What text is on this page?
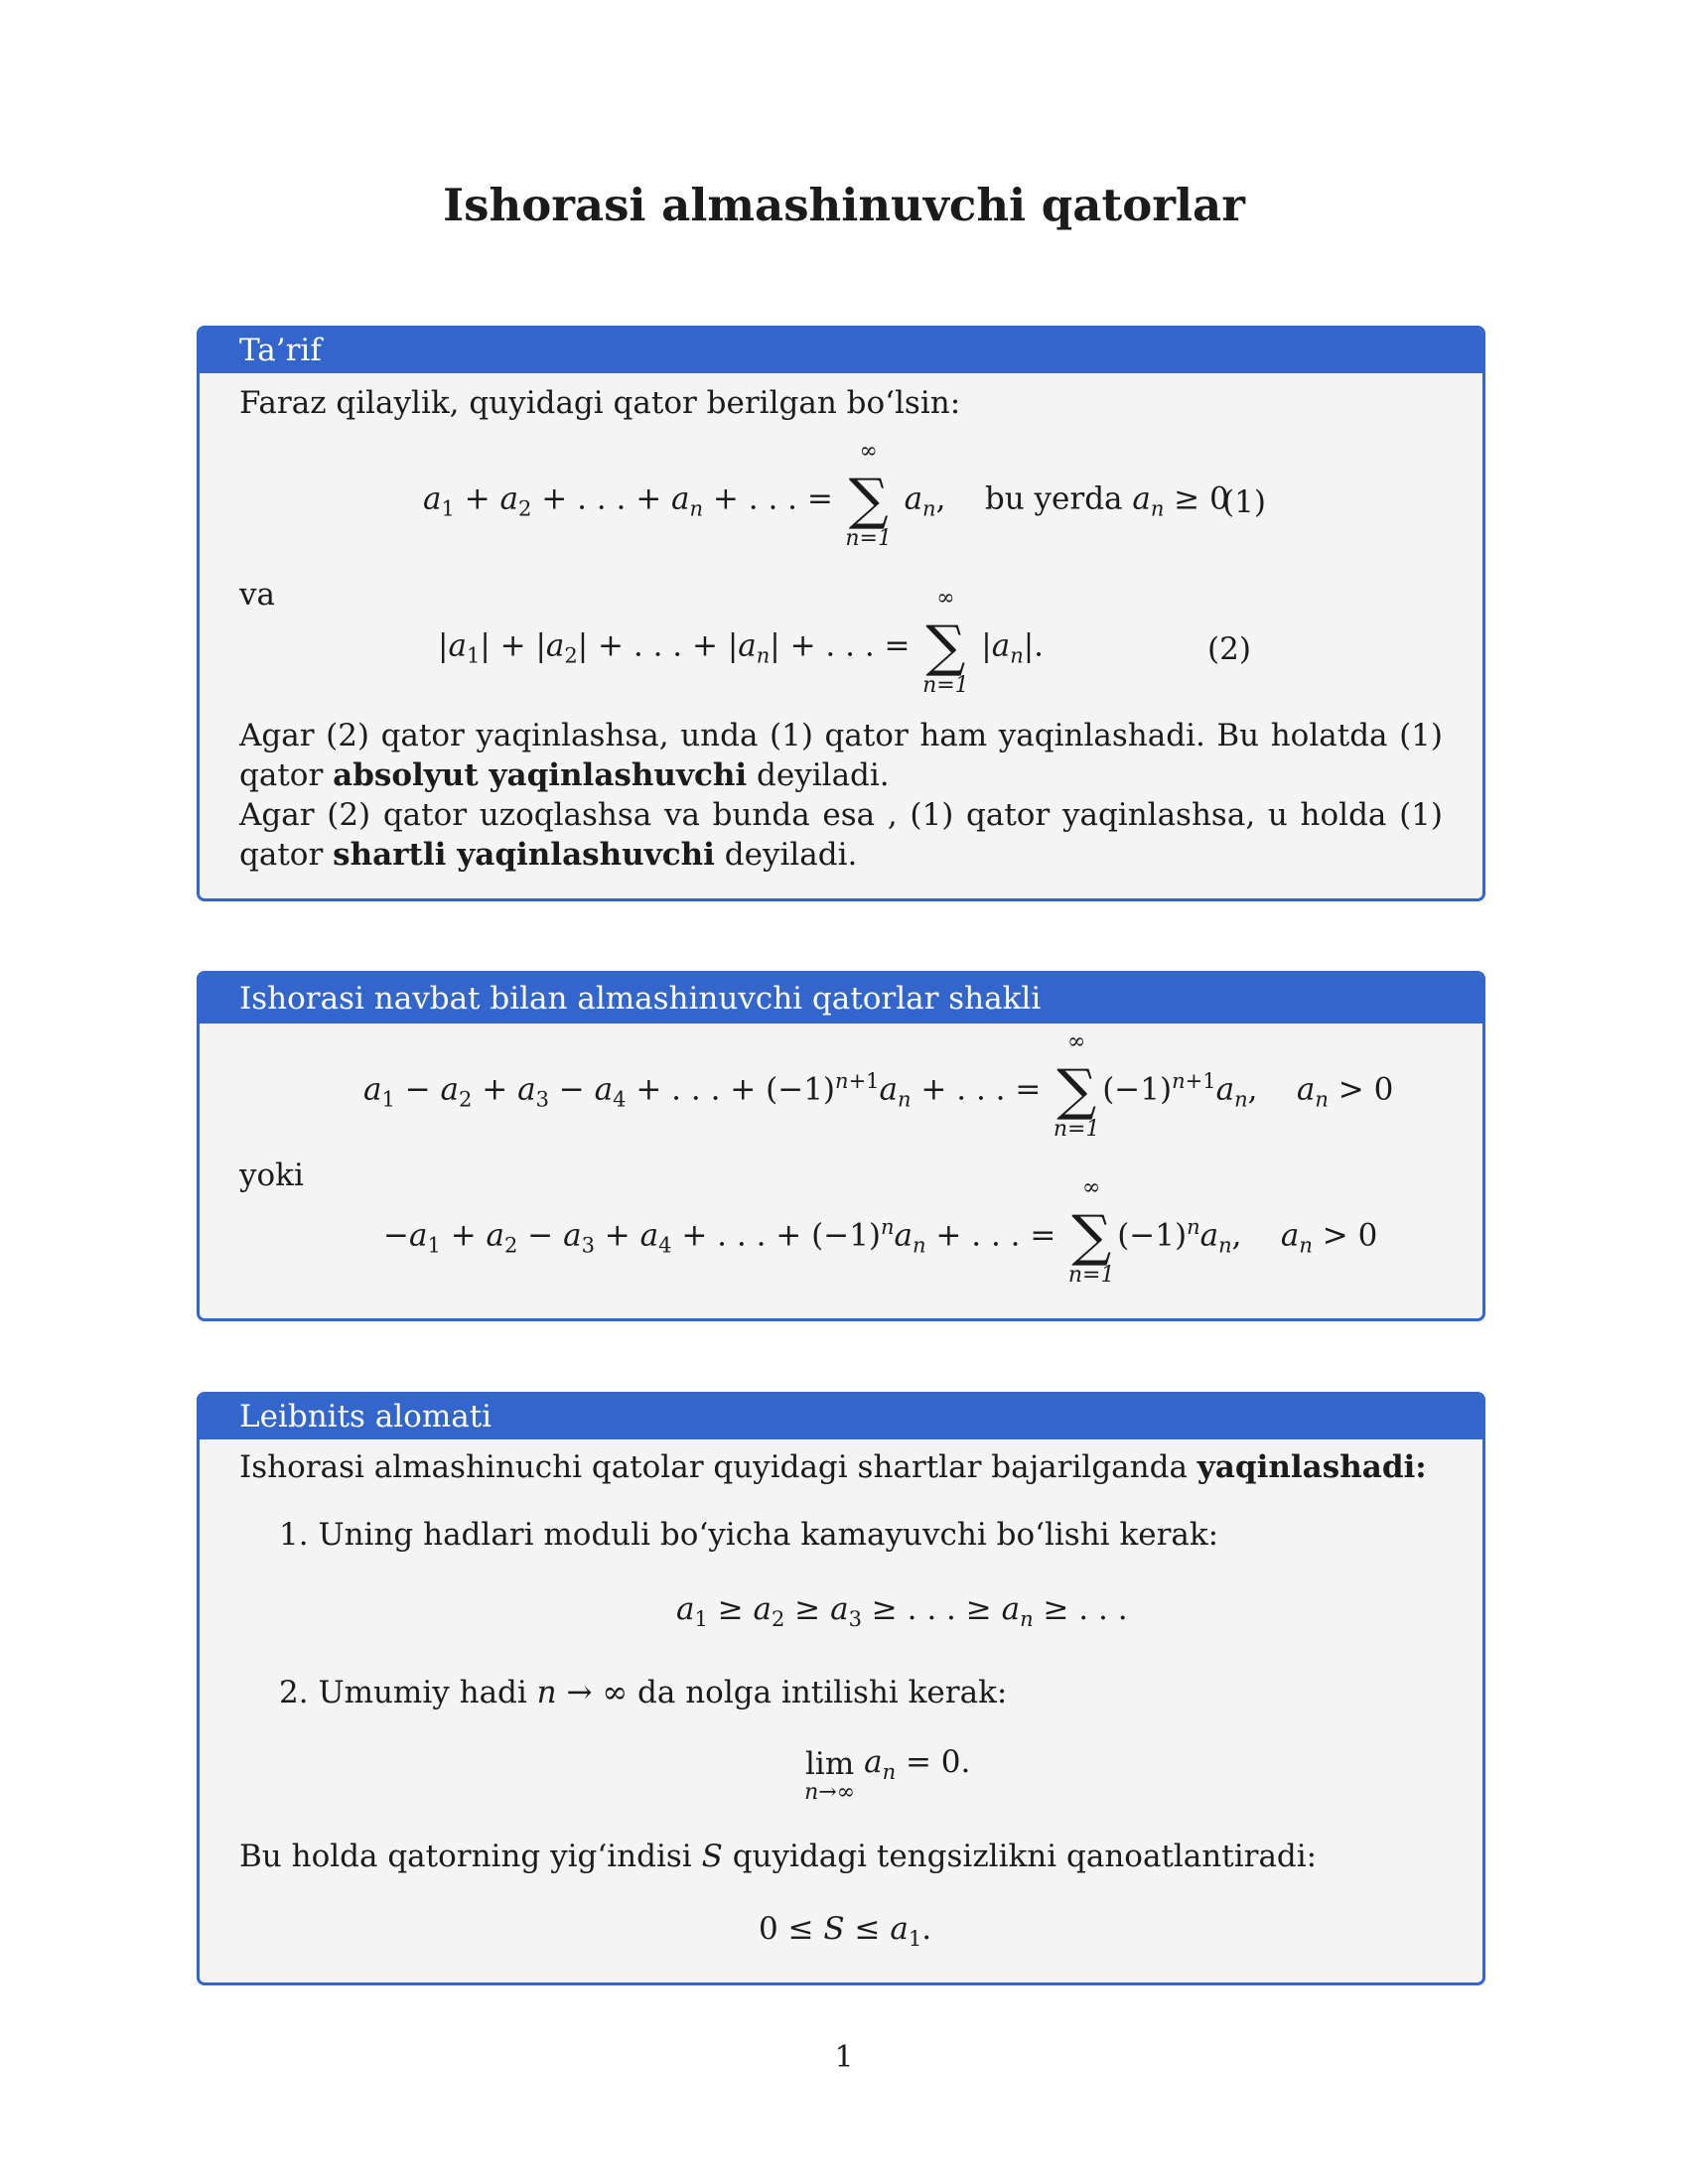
Ishorasi almashinuvchi qatorlar
Ta’rif
Faraz qilaylik, quyidagi qator berilgan bo‘lsin:
$a_1 + a_2$ + . . . + $a_n$ + . . . =
∞
∑
n=1
$a_n$,    bu yerda $a_n \ge 0$
(1)
va
$|a_1| + |a_2|$ + . . . + $|a_n|$ + . . . =
∞
∑
n=1
$|a_n|$.	(2)
Agar (2) qator yaqinlashsa, unda (1) qator ham yaqinlashadi. Bu holatda (1) qator absolyut yaqinlashuvchi deyiladi.
Agar (2) qator uzoqlashsa va bunda esa , (1) qator yaqinlashsa, u holda (1) qator shartli yaqinlashuvchi deyiladi.
Ishorasi navbat bilan almashinuvchi qatorlar shakli
$a_1 - a_2 + a_3 - a_4$ + . . . + $(-1)^{n+1}a_n$ + . . . =
∞
∑
n=1
$(-1)^{n+1}a_n$,    $a_n > 0$
yoki
$-a_1 + a_2 - a_3 + a_4$ + . . . + $(-1)^na_n$ + . . . =
∞
∑
n=1
$(-1)^na_n$,    $a_n > 0$
Leibnits alomati
Ishorasi almashinuchi qatolar quyidagi shartlar bajarilganda yaqinlashadi:
1. Uning hadlari moduli bo‘yicha kamayuvchi bo‘lishi kerak:
$a_1 \ge a_2 \ge a_3$ ≥ . . . ≥ $a_n$ ≥ . . .
2. Umumiy hadi n → ∞ da nolga intilishi kerak:
lim
n→∞
$a_n = 0$.
Bu holda qatorning yig‘indisi S quyidagi tengsizlikni qanoatlantiradi:
$0 \le S \le a_1$.
1
